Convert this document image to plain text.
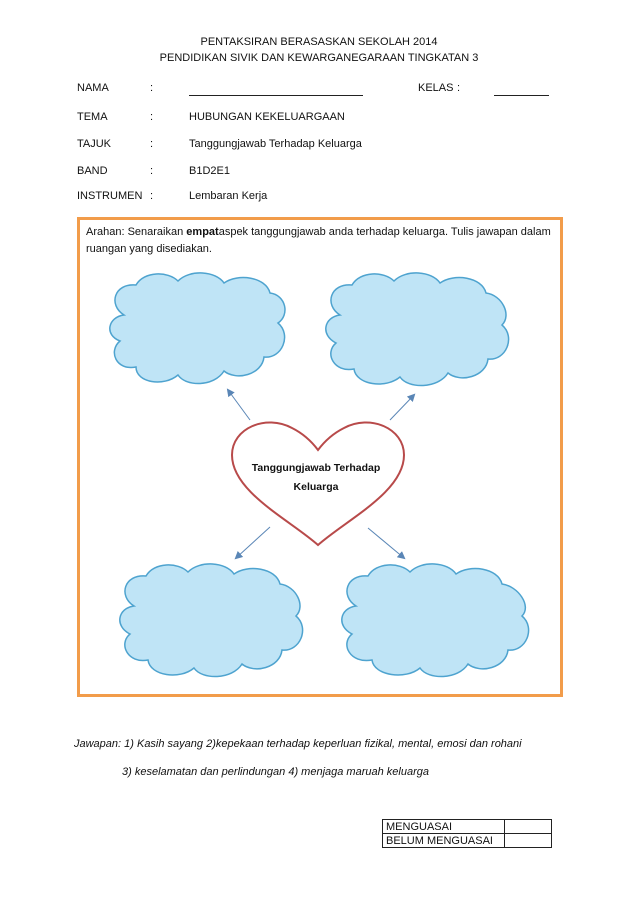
PENTAKSIRAN BERASASKAN SEKOLAH 2014
PENDIDIKAN SIVIK DAN KEWARGANEGARAAN TINGKATAN 3
NAMA	:	KELAS :
TEMA	:	HUBUNGAN KEKELUARGAAN
TAJUK	:	Tanggungjawab Terhadap Keluarga
BAND	:	B1D2E1
INSTRUMEN :	Lembaran Kerja
Arahan: Senaraikan empataspek tanggungjawab anda terhadap keluarga. Tulis jawapan dalam ruangan yang disediakan.
Tanggungjawab Terhadap
Keluarga
Jawapan: 1) Kasih sayang 2)kepekaan terhadap keperluan fizikal, mental, emosi dan rohani
3) keselamatan dan perlindungan 4) menjaga maruah keluarga
MENGUASAI	
BELUM MENGUASAI	
